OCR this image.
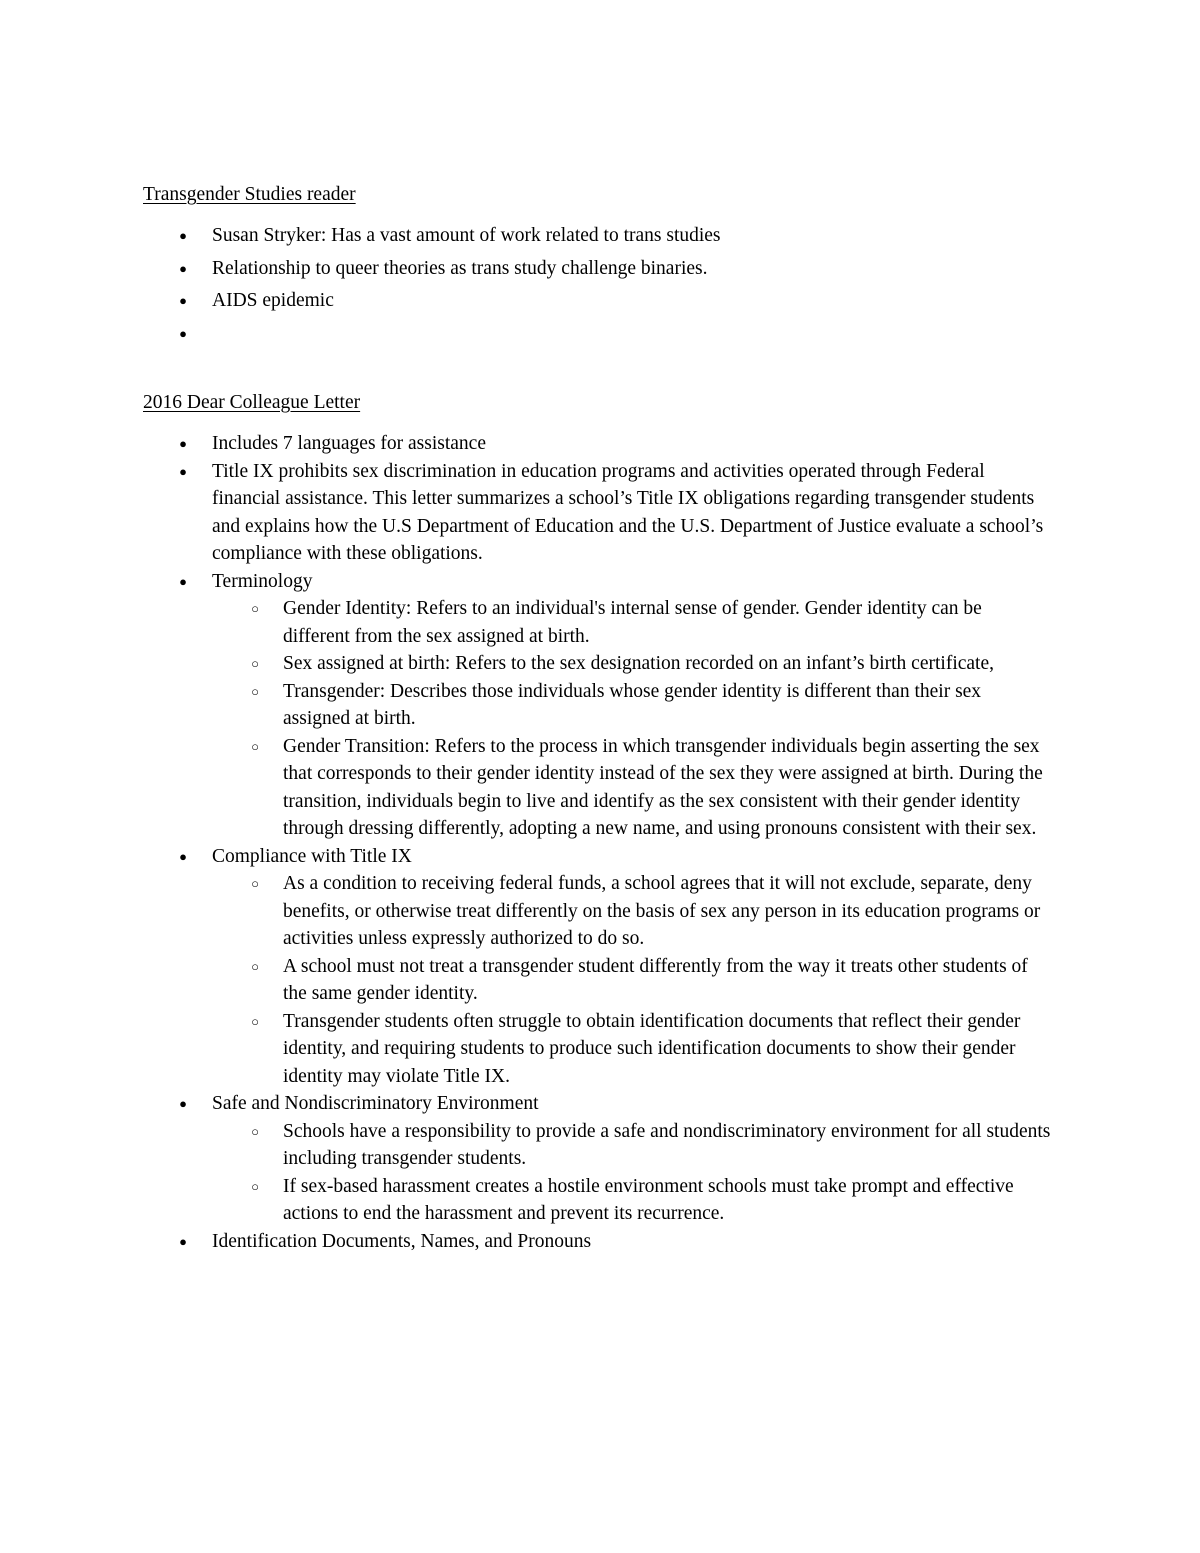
Transgender Studies reader
● Susan Stryker: Has a vast amount of work related to trans studies
● Relationship to queer theories as trans study challenge binaries.
● AIDS epidemic
●
2016 Dear Colleague Letter
● Includes 7 languages for assistance
● Title IX prohibits sex discrimination in education programs and activities operated through Federal financial assistance. This letter summarizes a school’s Title IX obligations regarding transgender students and explains how the U.S Department of Education and the U.S. Department of Justice evaluate a school’s compliance with these obligations.
● Terminology
○ Gender Identity: Refers to an individual's internal sense of gender. Gender identity can be different from the sex assigned at birth.
○ Sex assigned at birth: Refers to the sex designation recorded on an infant’s birth certificate,
○ Transgender: Describes those individuals whose gender identity is different than their sex assigned at birth.
○ Gender Transition: Refers to the process in which transgender individuals begin asserting the sex that corresponds to their gender identity instead of the sex they were assigned at birth. During the transition, individuals begin to live and identify as the sex consistent with their gender identity through dressing differently, adopting a new name, and using pronouns consistent with their sex.
● Compliance with Title IX
○ As a condition to receiving federal funds, a school agrees that it will not exclude, separate, deny benefits, or otherwise treat differently on the basis of sex any person in its education programs or activities unless expressly authorized to do so.
○ A school must not treat a transgender student differently from the way it treats other students of the same gender identity.
○ Transgender students often struggle to obtain identification documents that reflect their gender identity, and requiring students to produce such identification documents to show their gender identity may violate Title IX.
● Safe and Nondiscriminatory Environment
○ Schools have a responsibility to provide a safe and nondiscriminatory environment for all students including transgender students.
○ If sex-based harassment creates a hostile environment schools must take prompt and effective actions to end the harassment and prevent its recurrence.
● Identification Documents, Names, and Pronouns
